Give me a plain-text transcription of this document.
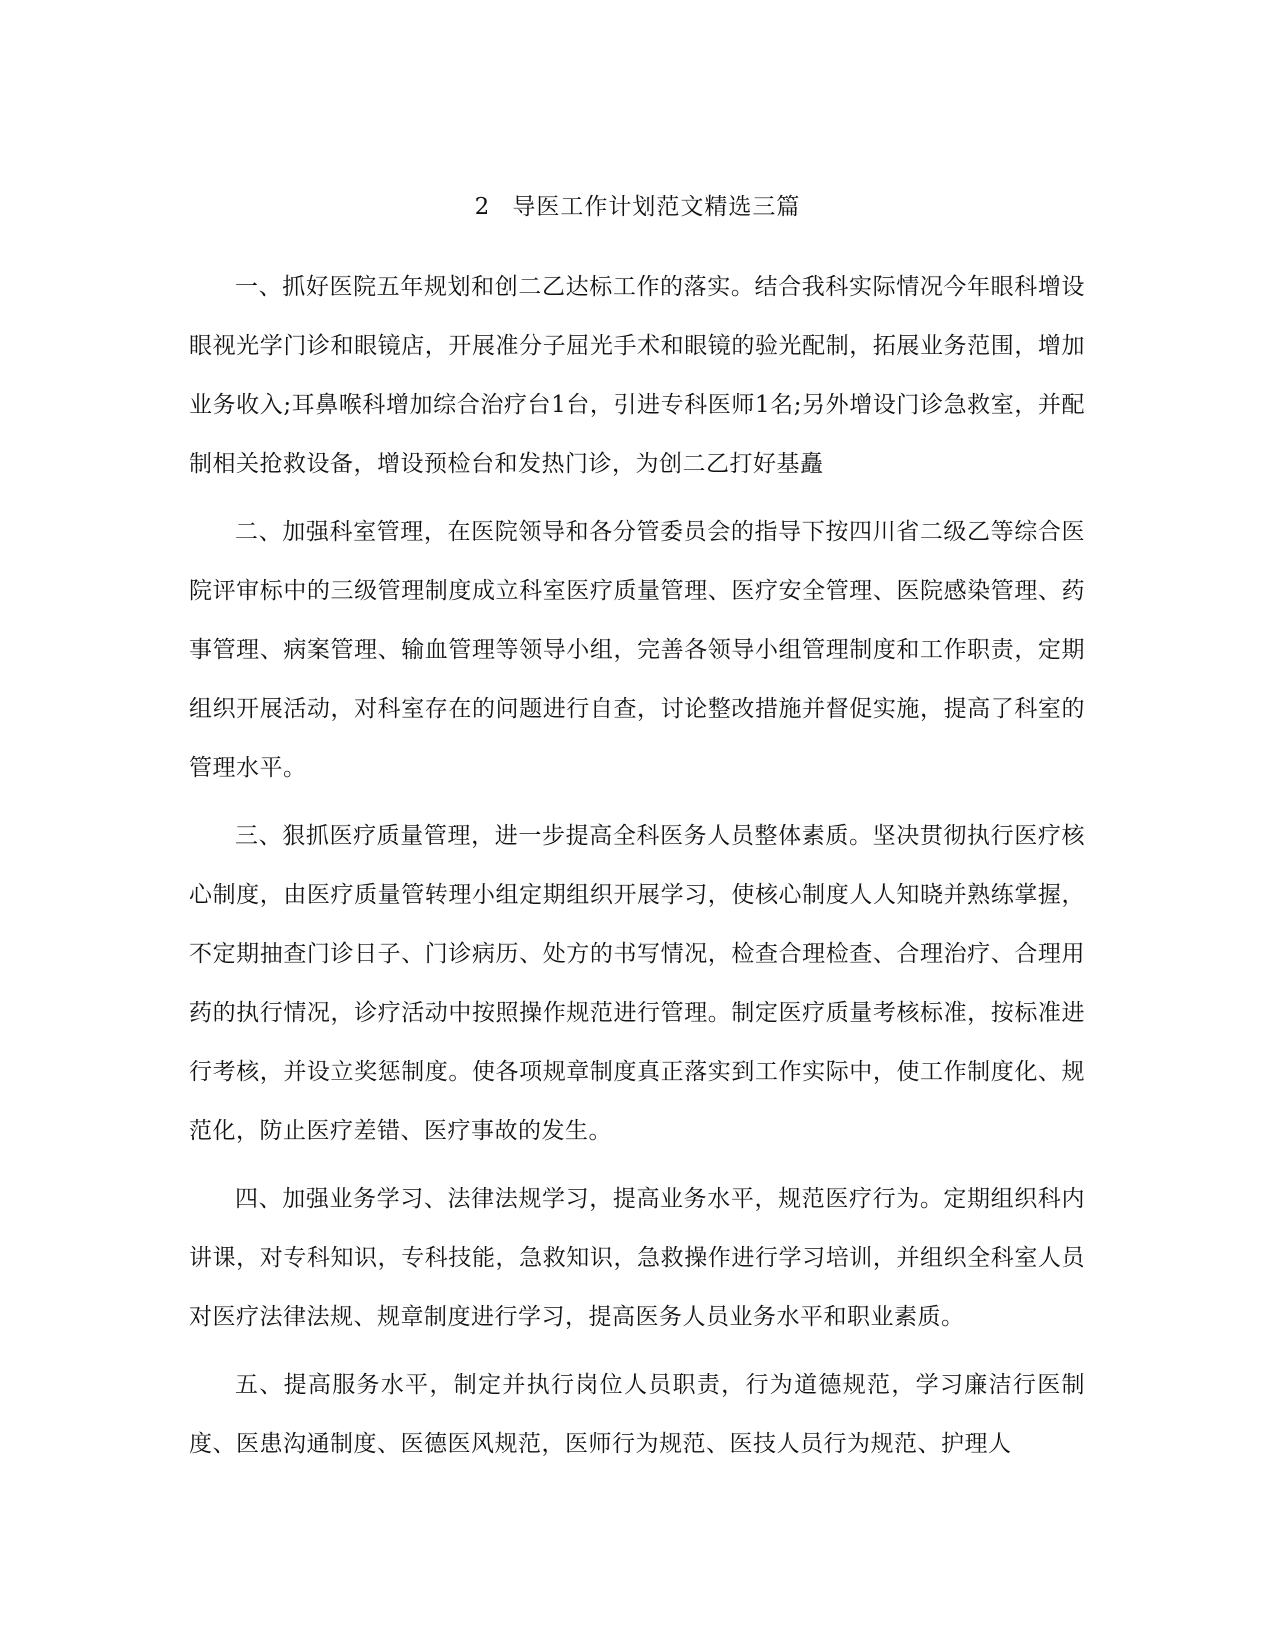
2 导医工作计划范文精选三篇

一、抓好医院五年规划和创二乙达标工作的落实。结合我科实际情况今年眼科增设眼视光学门诊和眼镜店，开展准分子屈光手术和眼镜的验光配制，拓展业务范围，增加业务收入;耳鼻喉科增加综合治疗台1台，引进专科医师1名;另外增设门诊急救室，并配制相关抢救设备，增设预检台和发热门诊，为创二乙打好基矗

二、加强科室管理，在医院领导和各分管委员会的指导下按四川省二级乙等综合医院评审标中的三级管理制度成立科室医疗质量管理、医疗安全管理、医院感染管理、药事管理、病案管理、输血管理等领导小组，完善各领导小组管理制度和工作职责，定期组织开展活动，对科室存在的问题进行自查，讨论整改措施并督促实施，提高了科室的管理水平。

三、狠抓医疗质量管理，进一步提高全科医务人员整体素质。坚决贯彻执行医疗核心制度，由医疗质量管转理小组定期组织开展学习，使核心制度人人知晓并熟练掌握，不定期抽查门诊日子、门诊病历、处方的书写情况，检查合理检查、合理治疗、合理用药的执行情况，诊疗活动中按照操作规范进行管理。制定医疗质量考核标准，按标准进行考核，并设立奖惩制度。使各项规章制度真正落实到工作实际中，使工作制度化、规范化，防止医疗差错、医疗事故的发生。

四、加强业务学习、法律法规学习，提高业务水平，规范医疗行为。定期组织科内讲课，对专科知识，专科技能，急救知识，急救操作进行学习培训，并组织全科室人员对医疗法律法规、规章制度进行学习，提高医务人员业务水平和职业素质。

五、提高服务水平，制定并执行岗位人员职责，行为道德规范，学习廉洁行医制度、医患沟通制度、医德医风规范，医师行为规范、医技人员行为规范、护理人
